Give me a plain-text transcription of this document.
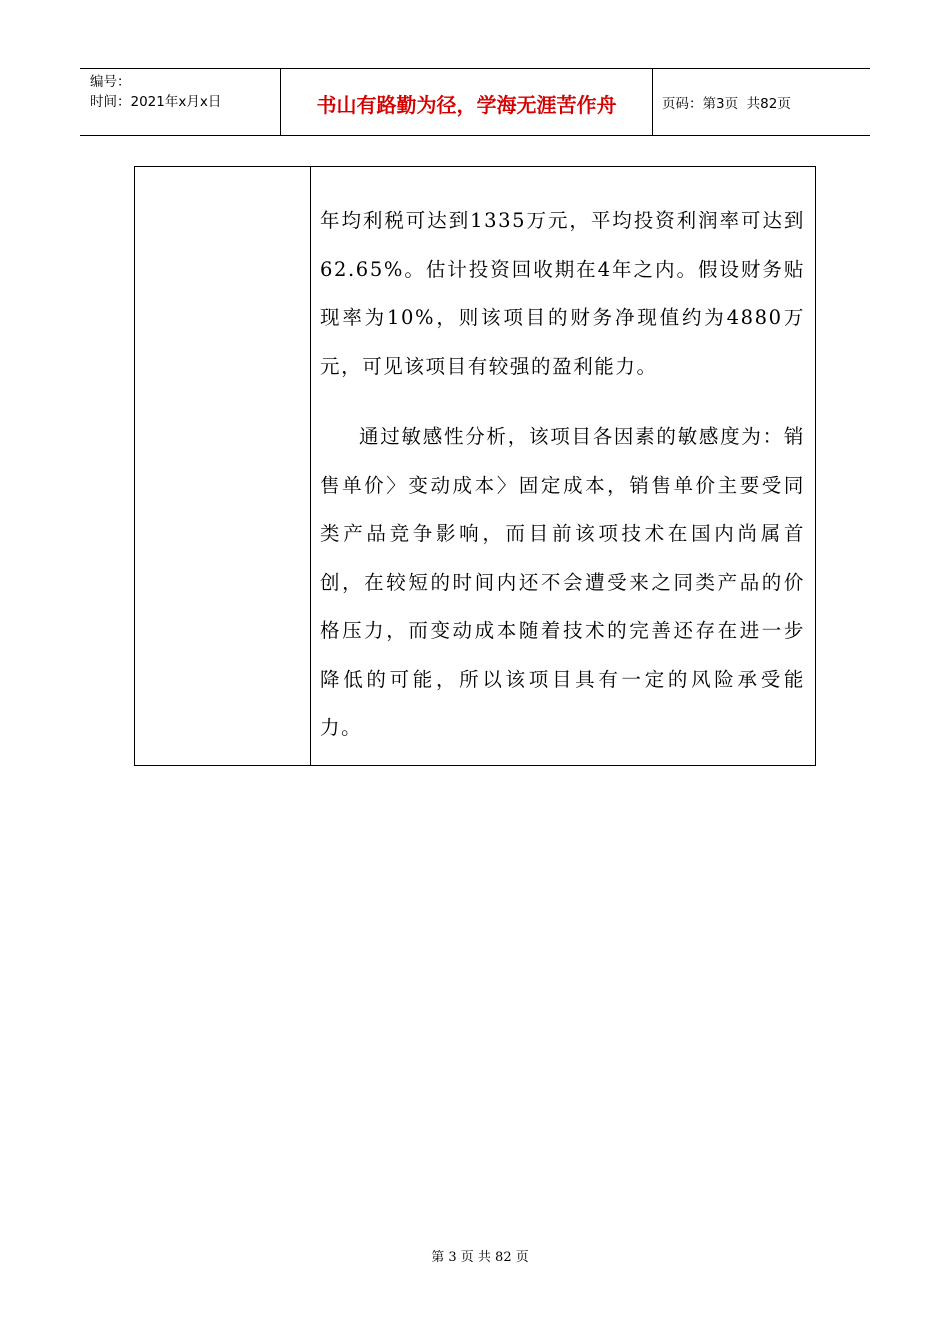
编号：
时间：2021年x月x日	书山有路勤为径，学海无涯苦作舟	页码：第3页  共82页

年均利税可达到1335万元，平均投资利润率可达到62.65%。估计投资回收期在4年之内。假设财务贴现率为10%，则该项目的财务净现值约为4880万元，可见该项目有较强的盈利能力。

通过敏感性分析，该项目各因素的敏感度为：销售单价〉变动成本〉固定成本，销售单价主要受同类产品竞争影响，而目前该项技术在国内尚属首创，在较短的时间内还不会遭受来之同类产品的价格压力，而变动成本随着技术的完善还存在进一步降低的可能，所以该项目具有一定的风险承受能力。

第 3 页 共 82 页
